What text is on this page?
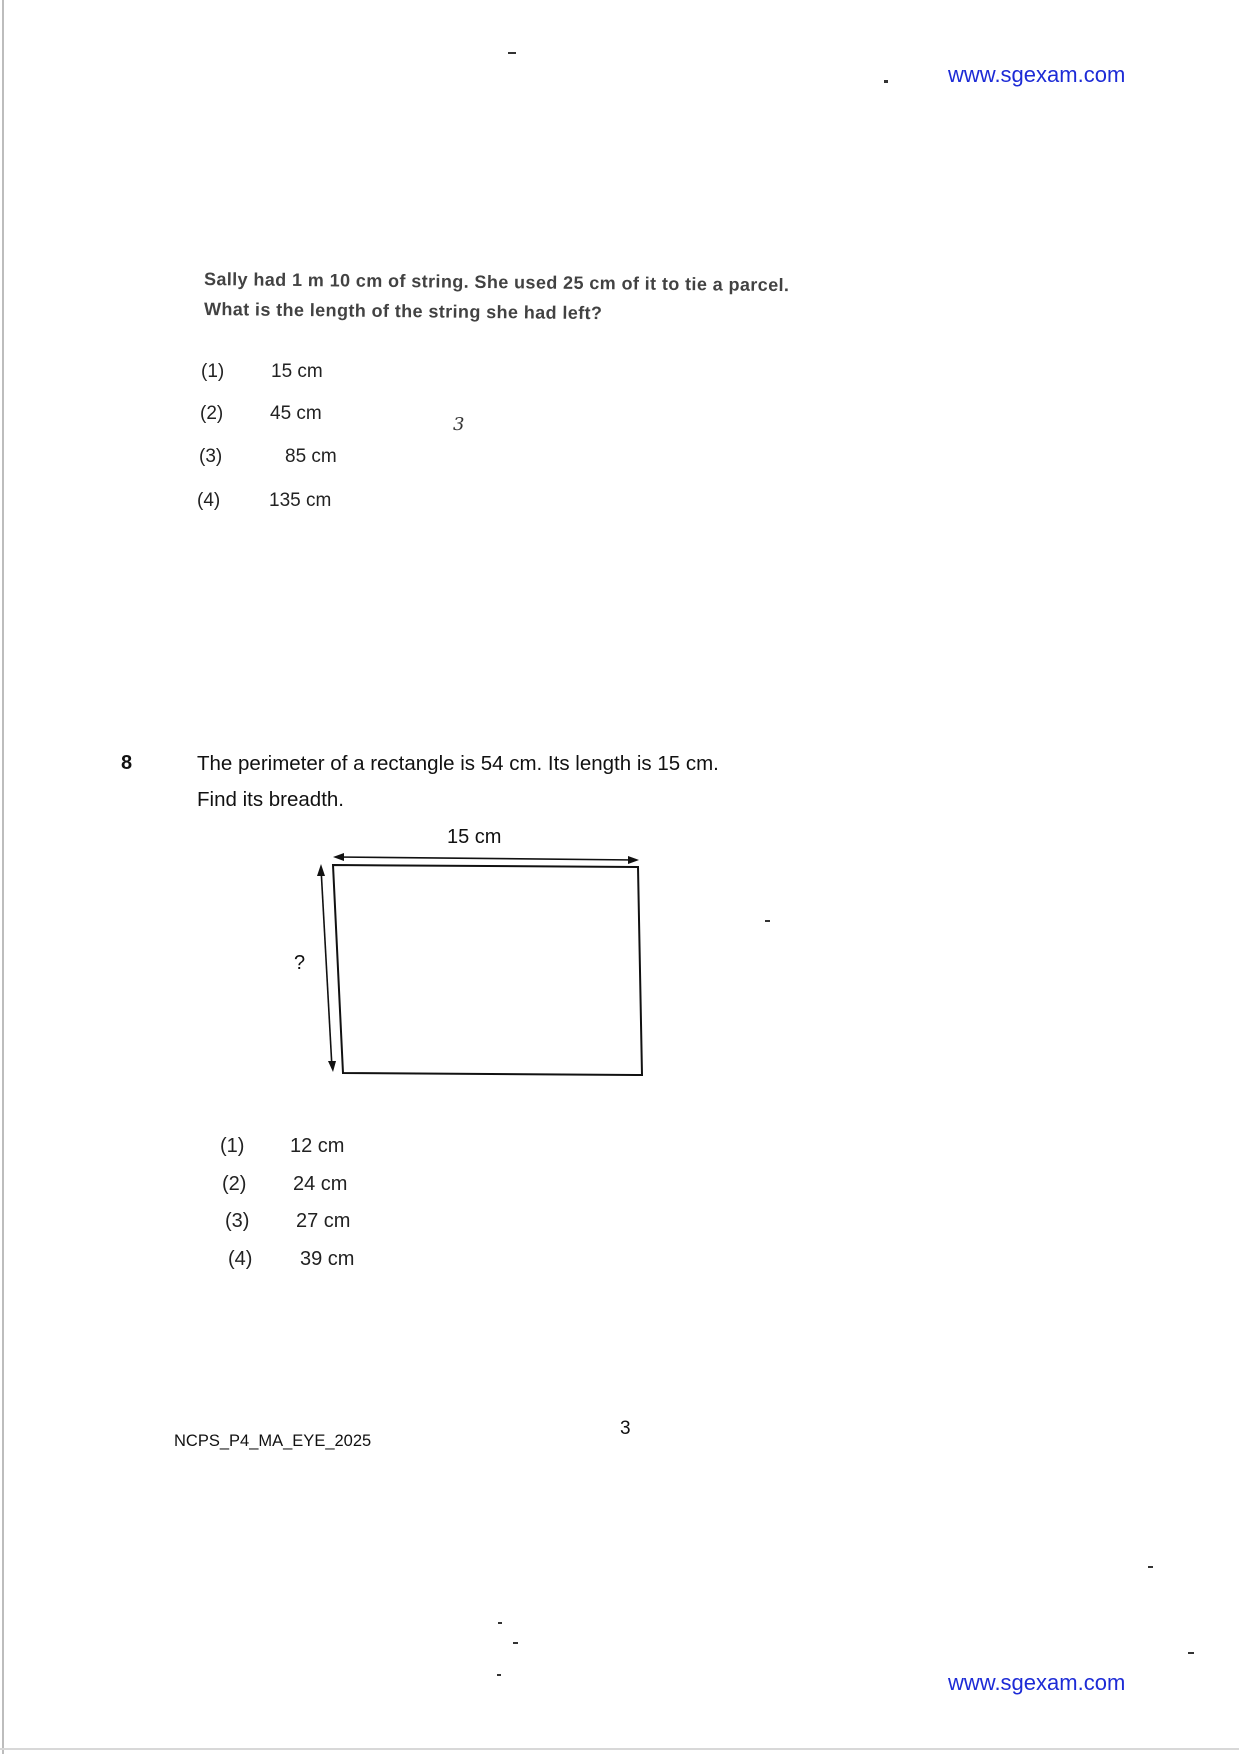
www.sgexam.com
Sally had 1 m 10 cm of string. She used 25 cm of it to tie a parcel.
What is the length of the string she had left?
(1) 15 cm
(2) 45 cm
(3)	85 cm
(4)	135 cm
3
8	The perimeter of a rectangle is 54 cm. Its length is 15 cm.
Find its breadth.
15 cm
?
(1) 12 cm
(2) 24 cm
(3) 27 cm
(4) 39 cm
3
NCPS_P4_MA_EYE_2025
www.sgexam.com
